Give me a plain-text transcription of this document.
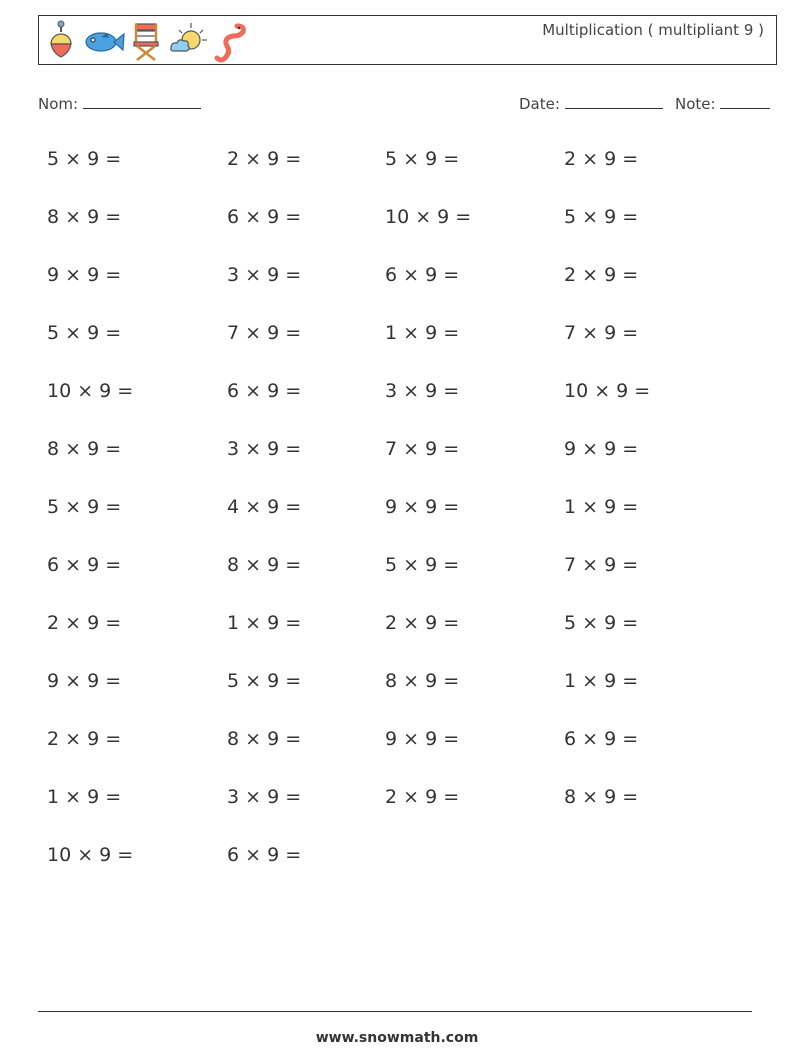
Multiplication ( multipliant 9 )
Nom:	Date:	Note:
5 × 9 =	2 × 9 =	5 × 9 =	2 × 9 =
8 × 9 =	6 × 9 =	10 × 9 =	5 × 9 =
9 × 9 =	3 × 9 =	6 × 9 =	2 × 9 =
5 × 9 =	7 × 9 =	1 × 9 =	7 × 9 =
10 × 9 =	6 × 9 =	3 × 9 =	10 × 9 =
8 × 9 =	3 × 9 =	7 × 9 =	9 × 9 =
5 × 9 =	4 × 9 =	9 × 9 =	1 × 9 =
6 × 9 =	8 × 9 =	5 × 9 =	7 × 9 =
2 × 9 =	1 × 9 =	2 × 9 =	5 × 9 =
9 × 9 =	5 × 9 =	8 × 9 =	1 × 9 =
2 × 9 =	8 × 9 =	9 × 9 =	6 × 9 =
1 × 9 =	3 × 9 =	2 × 9 =	8 × 9 =
10 × 9 =	6 × 9 =
www.snowmath.com
